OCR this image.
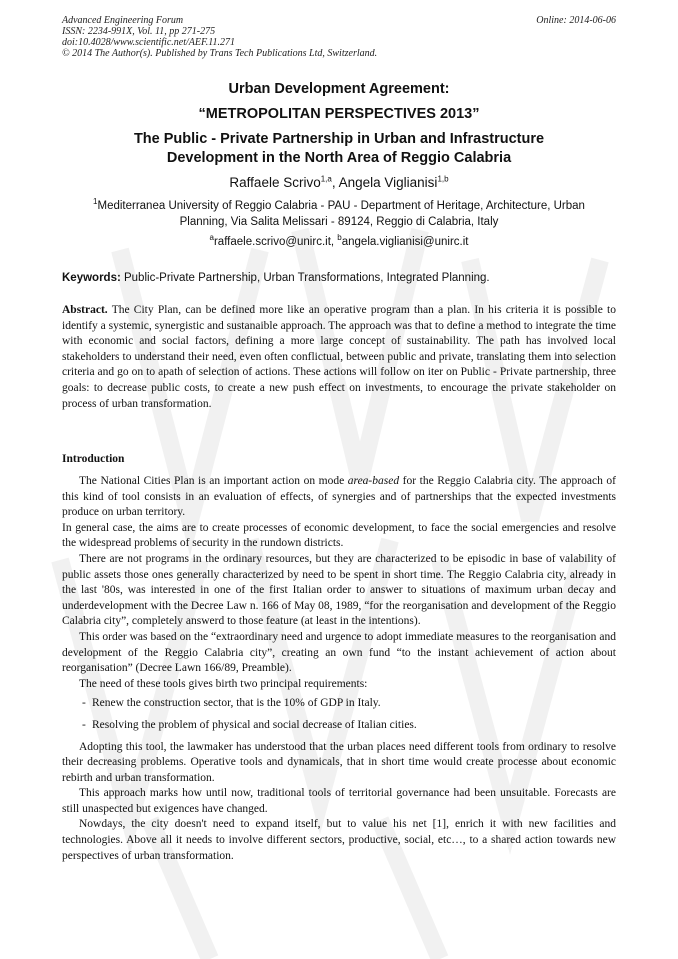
Advanced Engineering Forum	Online: 2014-06-06
ISSN: 2234-991X, Vol. 11, pp 271-275
doi:10.4028/www.scientific.net/AEF.11.271
© 2014 The Author(s). Published by Trans Tech Publications Ltd, Switzerland.
Urban Development Agreement:
“METROPOLITAN PERSPECTIVES 2013”
The Public - Private Partnership in Urban and Infrastructure
Development in the North Area of Reggio Calabria
Raffaele Scrivo$^{1,a}$, Angela Viglianisi$^{1,b}$
$^1$Mediterranea University of Reggio Calabria - PAU - Department of Heritage, Architecture, Urban
Planning, Via Salita Melissari - 89124, Reggio di Calabria, Italy
$^a$raffaele.scrivo@unirc.it, $^b$angela.viglianisi@unirc.it
Keywords: Public-Private Partnership, Urban Transformations, Integrated Planning.

Abstract. The City Plan, can be defined more like an operative program than a plan. In his criteria it is possible to identify a systemic, synergistic and sustanaible approach. The approach was that to define a method to integrate the time with economic and social factors, defining a more large concept of sustainability. The path has involved local stakeholders to understand their need, even often conflictual, between public and private, translating them into selection criteria and go on to apath of selection of actions. These actions will follow on iter on Public - Private partnership, three goals: to decrease public costs, to create a new push effect on investments, to encourage the private stakeholder on process of urban transformation.

Introduction

The National Cities Plan is an important action on mode area-based for the Reggio Calabria city. The approach of this kind of tool consists in an evaluation of effects, of synergies and of partnerships that the expected investments produce on urban territory.

In general case, the aims are to create processes of economic development, to face the social emergencies and resolve the widespread problems of security in the rundown districts.

There are not programs in the ordinary resources, but they are characterized to be episodic in base of valability of public assets those ones generally characterized by need to be spent in short time. The Reggio Calabria city, already in the last '80s, was interested in one of the first Italian order to answer to situations of maximum urban decay and underdevelopment with the Decree Law n. 166 of May 08, 1989, “for the reorganisation and development of the Reggio Calabria city”, completely answerd to those feature (at least in the intentions).

This order was based on the “extraordinary need and urgence to adopt immediate measures to the reorganisation and development of the Reggio Calabria city”, creating an own fund “to the instant achievement of action about reorganisation” (Decree Lawn 166/89, Preamble).

The need of these tools gives birth two principal requirements:

- Renew the construction sector, that is the 10% of GDP in Italy.
- Resolving the problem of physical and social decrease of Italian cities.

Adopting this tool, the lawmaker has understood that the urban places need different tools from ordinary to resolve their decreasing problems. Operative tools and dynamicals, that in short time would create processe about economic rebirth and urban transformation.

This approach marks how until now, traditional tools of territorial governance had been unsuitable. Forecasts are still unaspected but exigences have changed.

Nowdays, the city doesn't need to expand itself, but to value his net [1], enrich it with new facilities and technologies. Above all it needs to involve different sectors, productive, social, etc…, to a shared action towards new perspectives of urban transformation.
